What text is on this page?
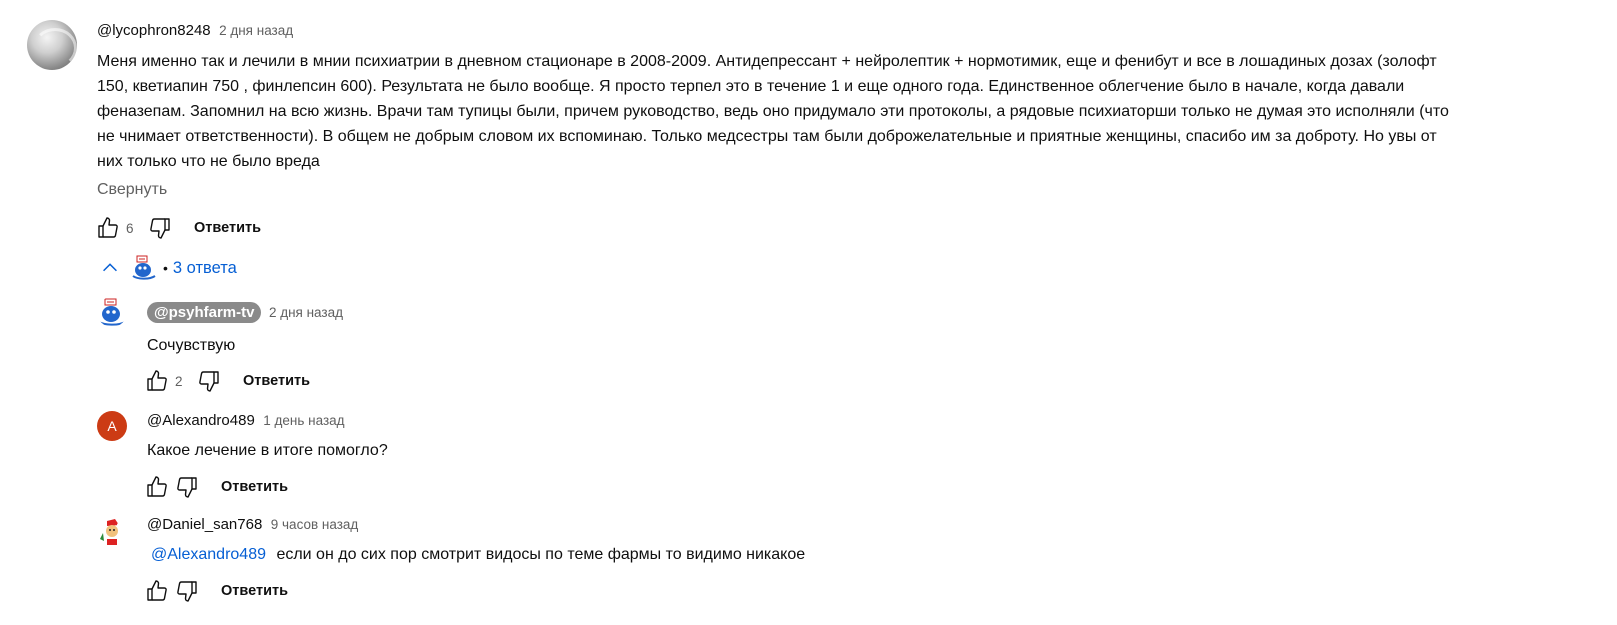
@lycophron8248 2 дня назад
Меня именно так и лечили в мнии психиатрии в дневном стационаре в 2008-2009. Антидепрессант + нейролептик + нормотимик, еще и фенибут и все в лошадиных дозах (золофт
150, кветиапин 750 , финлепсин 600). Результата не было вообще. Я просто терпел это в течение 1 и еще одного года. Единственное облегчение было в начале, когда давали
феназепам. Запомнил на всю жизнь. Врачи там тупицы были, причем руководство, ведь оно придумало эти протоколы, а рядовые психиаторши только не думая это исполняли (что
не чнимает ответственности). В общем не добрым словом их вспоминаю. Только медсестры там были доброжелательные и приятные женщины, спасибо им за доброту. Но увы от
них только что не было вреда
Свернуть
6	Ответить
• 3 ответа
@psyhfarm-tv 2 дня назад
Сочувствую
2	Ответить
A	@Alexandro489 1 день назад
Какое лечение в итоге помогло?
Ответить
@Daniel_san768 9 часов назад
@Alexandro489 если он до сих пор смотрит видосы по теме фармы то видимо никакое
Ответить
